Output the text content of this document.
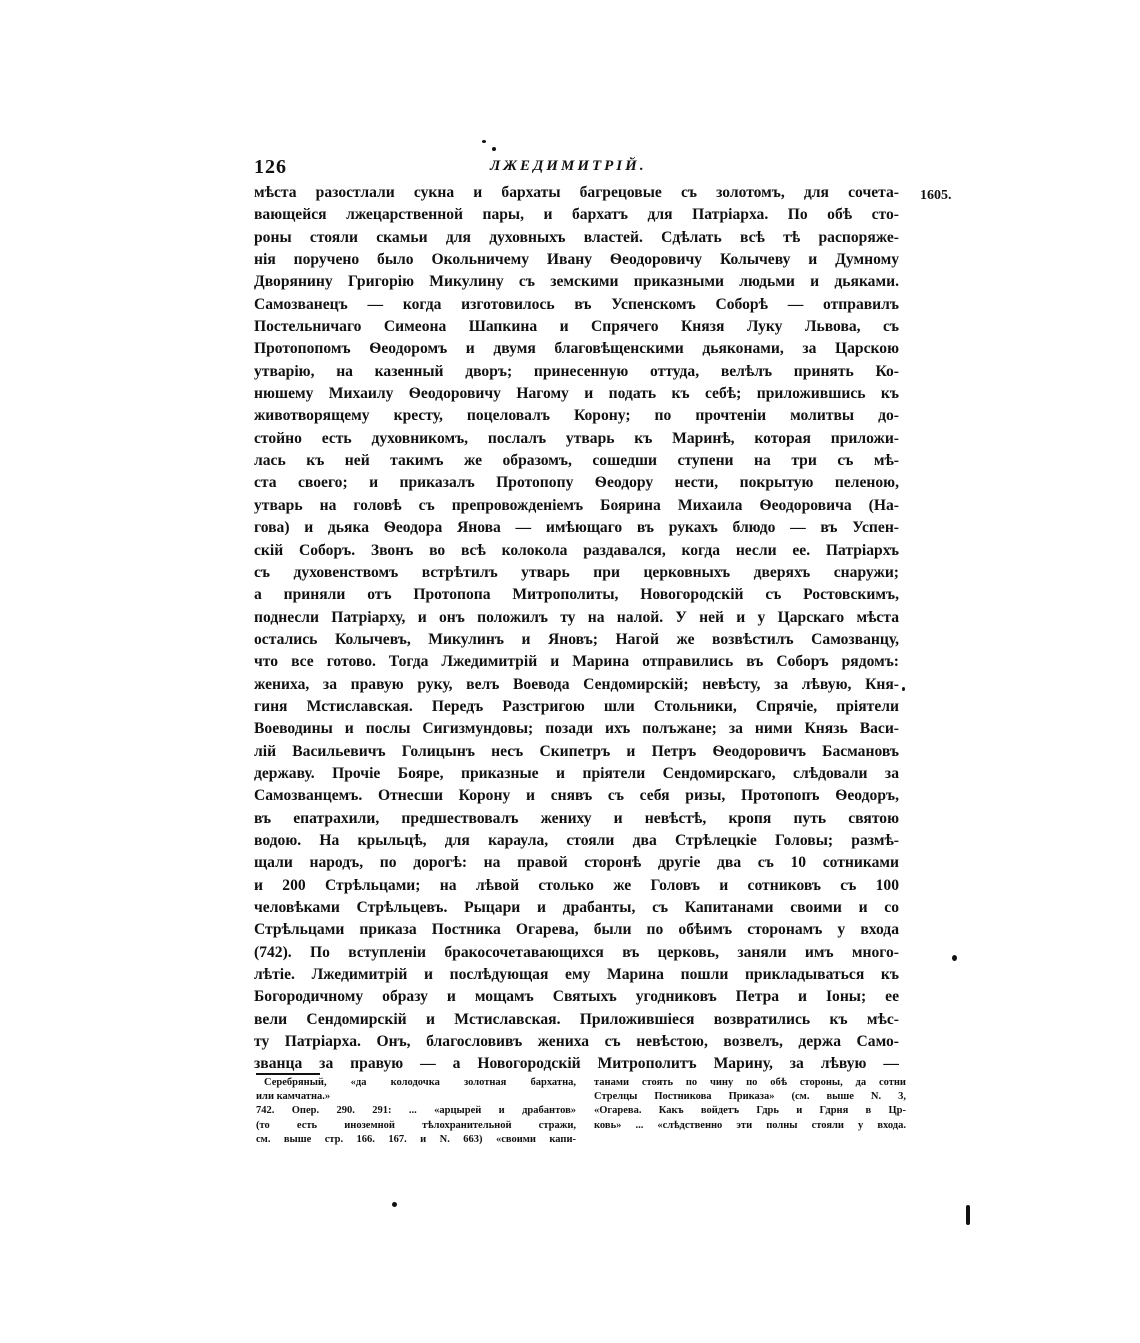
126	ЛЖЕДИМИТРІЙ.
1605.
мѣста разостлали сукна и бархаты багрецовые съ золотомъ, для сочета-
вающейся лжецарственной пары, и бархатъ для Патріарха. По обѣ сто-
роны стояли скамьи для духовныхъ властей. Сдѣлать всѣ тѣ распоряже-
нія поручено было Окольничему Ивану Ѳеодоровичу Колычеву и Думному
Дворянину Григорію Микулину съ земскими приказными людьми и дьяками.
Самозванецъ — когда изготовилось въ Успенскомъ Соборѣ — отправилъ
Постельничаго Симеона Шапкина и Спрячего Князя Луку Львова, съ
Протопопомъ Ѳеодоромъ и двумя благовѣщенскими дьяконами, за Царскою
утварію, на казенный дворъ; принесенную оттуда, велѣлъ принять Ко-
нюшему Михаилу Ѳеодоровичу Нагому и подать къ себѣ; приложившись къ
животворящему кресту, поцеловалъ Корону; по прочтеніи молитвы до-
стойно есть духовникомъ, послалъ утварь къ Маринѣ, которая приложи-
лась къ ней такимъ же образомъ, сошедши ступени на три съ мѣ-
ста своего; и приказалъ Протопопу Ѳеодору нести, покрытую пеленою,
утварь на головѣ съ препровожденіемъ Боярина Михаила Ѳеодоровича (На-
гова) и дьяка Ѳеодора Янова — имѣющаго въ рукахъ блюдо — въ Успен-
скій Соборъ. Звонъ во всѣ колокола раздавался, когда несли ее. Патріархъ
съ духовенствомъ встрѣтилъ утварь при церковныхъ дверяхъ снаружи;
а приняли отъ Протопопа Митрополиты, Новогородскій съ Ростовскимъ,
поднесли Патріарху, и онъ положилъ ту на налой. У ней и у Царскаго мѣста
остались Колычевъ, Микулинъ и Яновъ; Нагой же возвѣстилъ Самозванцу,
что все готово. Тогда Лжедимитрій и Марина отправились въ Соборъ рядомъ:
жениха, за правую руку, велъ Воевода Сендомирскій; невѣсту, за лѣвую, Кня-
гиня Мстиславская. Передъ Разстригою шли Стольники, Спрячіе, пріятели
Воеводины и послы Сигизмундовы; позади ихъ полъжане; за ними Князь Васи-
лій Васильевичъ Голицынъ несъ Скипетръ и Петръ Ѳеодоровичъ Басмановъ
державу. Прочіе Бояре, приказные и пріятели Сендомирскаго, слѣдовали за
Самозванцемъ. Отнесши Корону и снявъ съ себя ризы, Протопопъ Ѳеодоръ,
въ епатрахили, предшествовалъ жениху и невѣстѣ, кропя путь святою
водою. На крыльцѣ, для караула, стояли два Стрѣлецкіе Головы; размѣ-
щали народъ, по дорогѣ: на правой сторонѣ другіе два съ 10 сотниками
и 200 Стрѣльцами; на лѣвой столько же Головъ и сотниковъ съ 100
человѣками Стрѣльцевъ. Рыцари и драбанты, съ Капитанами своими и со
Стрѣльцами приказа Постника Огарева, были по обѣимъ сторонамъ у входа
(742). По вступленіи бракосочетавающихся въ церковь, заняли имъ много-
лѣтіе. Лжедимитрій и послѣдующая ему Марина пошли прикладываться къ
Богородичному образу и мощамъ Святыхъ угодниковъ Петра и Іоны; ее
вели Сендомирскій и Мстиславская. Приложившіеся возвратились къ мѣс-
ту Патріарха. Онъ, благословивъ жениха съ невѣстою, возвелъ, держа Само-
званца за правую — а Новогородскій Митрополитъ Марину, за лѣвую —
Серебряный, «да колодочка золотная бархатна,
или камчатна.»
742. Опер. 290. 291: ... «арцырей и драбантов»
(то есть иноземной тѣлохранительной стражи,
см. выше стр. 166. 167. и N. 663) «своими капи-
танами стоять по чину по обѣ стороны, да сотни
Стрелцы Постникова Приказа» (см. выше N. 3,
«Огарева. Какъ войдетъ Гдрь и Гдрня в Цр-
ковь» ... «слѣдственно эти полны стояли у входа.
